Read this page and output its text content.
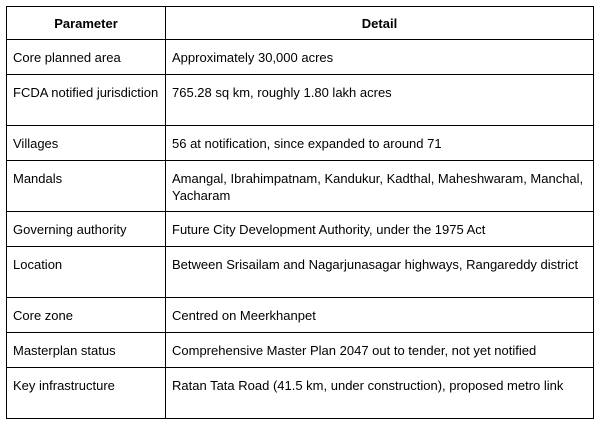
Parameter	Detail
Core planned area	Approximately 30,000 acres
FCDA notified jurisdiction	765.28 sq km, roughly 1.80 lakh acres
Villages	56 at notification, since expanded to around 71
Mandals	Amangal, Ibrahimpatnam, Kandukur, Kadthal, Maheshwaram, Manchal, Yacharam
Governing authority	Future City Development Authority, under the 1975 Act
Location	Between Srisailam and Nagarjunasagar highways, Rangareddy district
Core zone	Centred on Meerkhanpet
Masterplan status	Comprehensive Master Plan 2047 out to tender, not yet notified
Key infrastructure	Ratan Tata Road (41.5 km, under construction), proposed metro link
